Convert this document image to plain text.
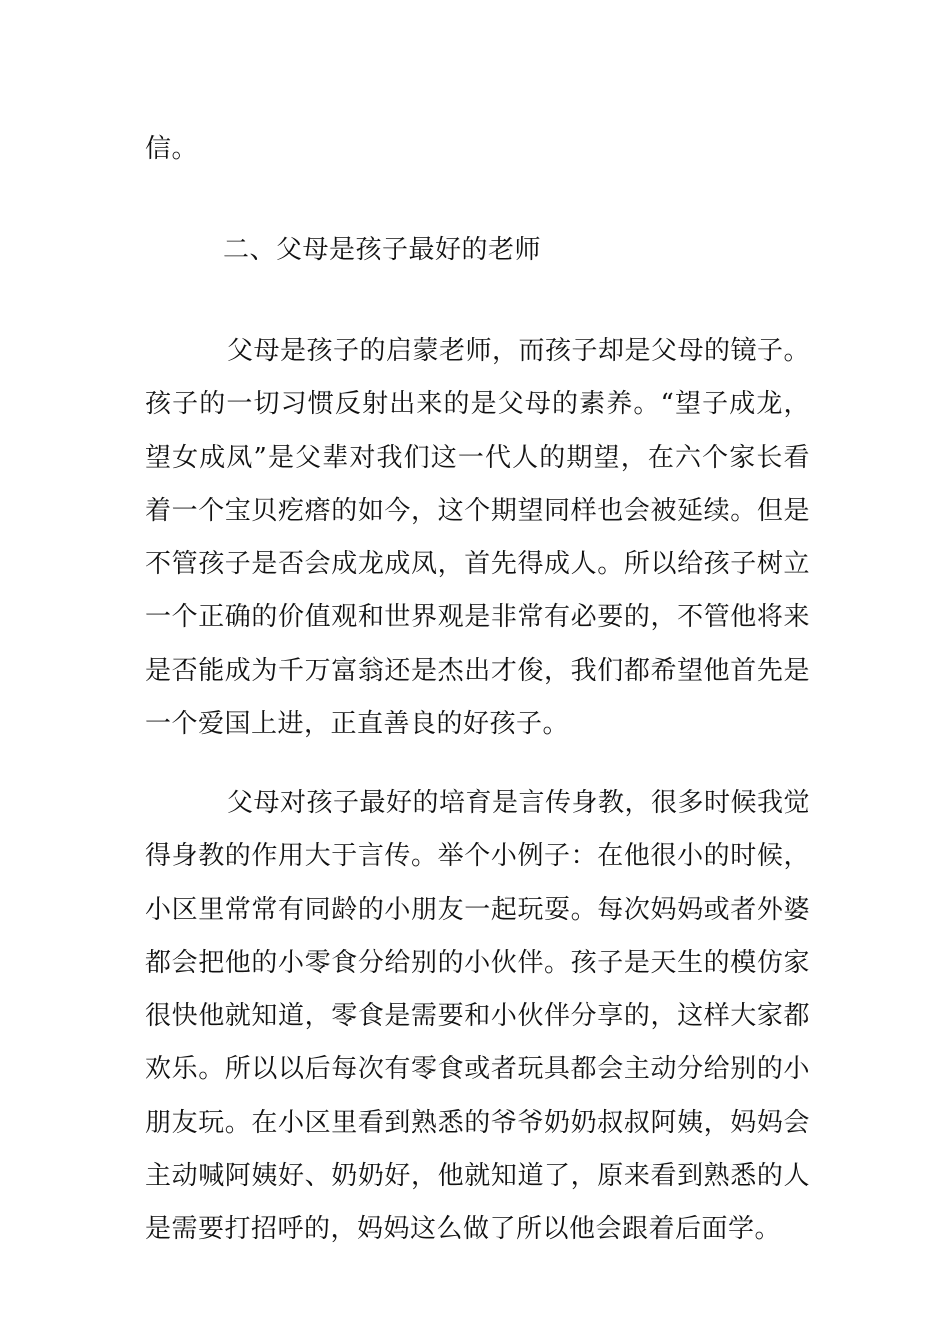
信。

二、父母是孩子最好的老师

父母是孩子的启蒙老师，而孩子却是父母的镜子。孩子的一切习惯反射出来的是父母的素养。“望子成龙，望女成凤”是父辈对我们这一代人的期望，在六个家长看着一个宝贝疙瘩的如今，这个期望同样也会被延续。但是不管孩子是否会成龙成凤，首先得成人。所以给孩子树立一个正确的价值观和世界观是非常有必要的，不管他将来是否能成为千万富翁还是杰出才俊，我们都希望他首先是一个爱国上进，正直善良的好孩子。

父母对孩子最好的培育是言传身教，很多时候我觉得身教的作用大于言传。举个小例子：在他很小的时候，小区里常常有同龄的小朋友一起玩耍。每次妈妈或者外婆都会把他的小零食分给别的小伙伴。孩子是天生的模仿家很快他就知道，零食是需要和小伙伴分享的，这样大家都欢乐。所以以后每次有零食或者玩具都会主动分给别的小朋友玩。在小区里看到熟悉的爷爷奶奶叔叔阿姨，妈妈会主动喊阿姨好、奶奶好，他就知道了，原来看到熟悉的人是需要打招呼的，妈妈这么做了所以他会跟着后面学。
